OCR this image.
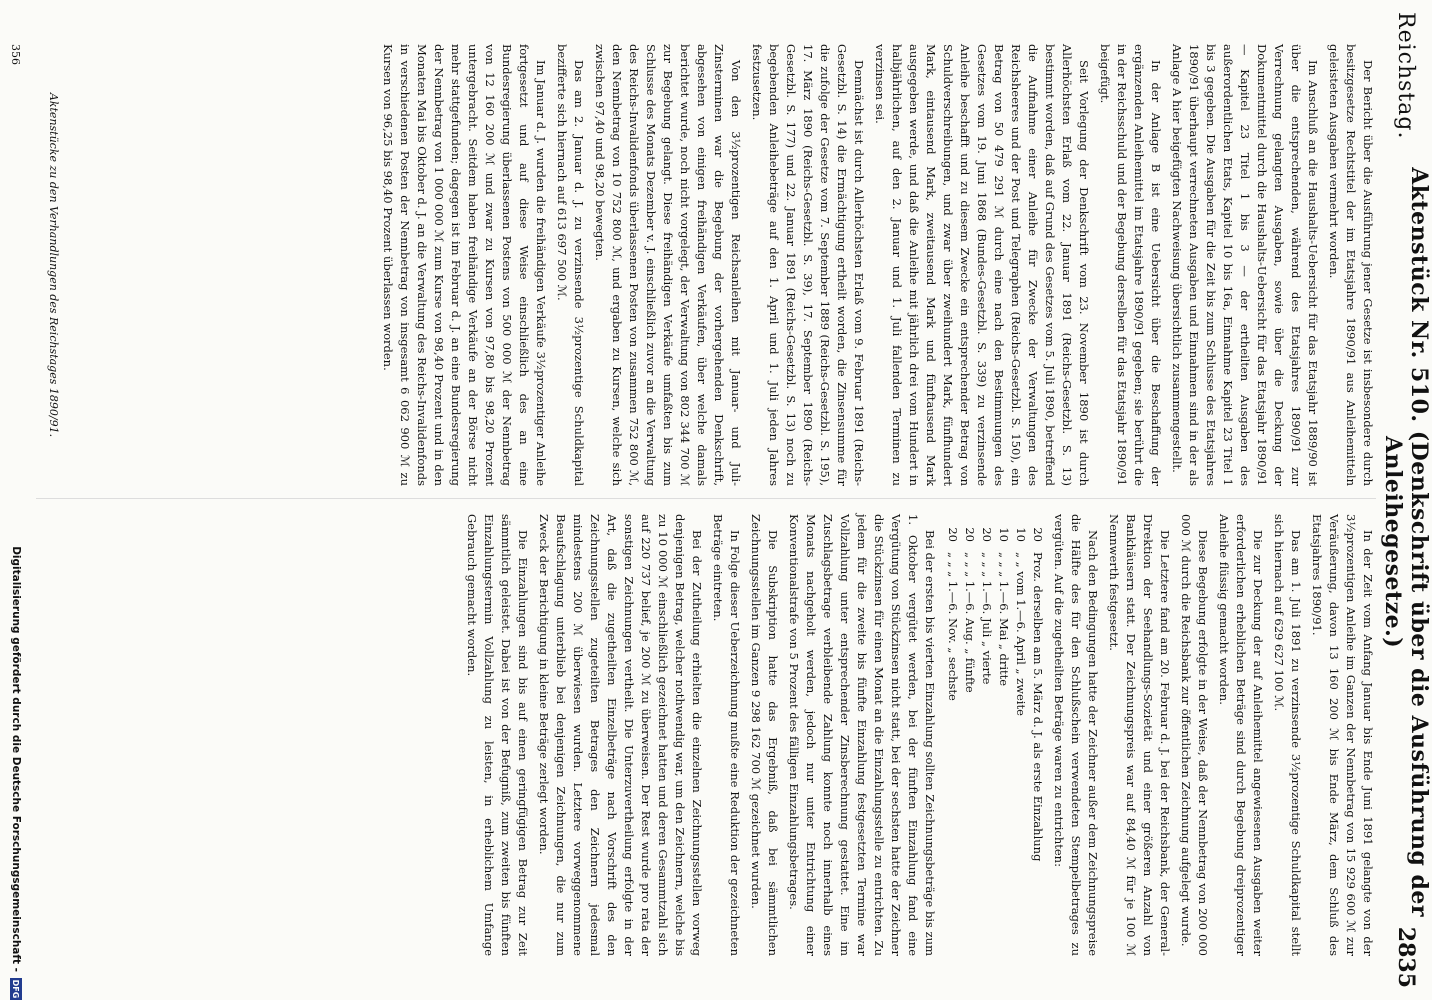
Reichstag.
Aktenstück Nr. 510. (Denkschrift über die Ausführung der Anleihegesetze.)
2835

Der Bericht über die Ausführung jener Gesetze ist insbesondere durch besitzgesetze Rechtstitel der im Etatsjahre 1890/91 aus Anleihemitteln geleisteten Ausgaben vermehrt worden.

Im Anschluß an die Haushalts-Uebersicht für das Etatsjahr 1889/90 ist über die entsprechenden, während des Etatsjahres 1890/91 zur Verrechnung gelangten Ausgaben, sowie über die Deckung der Dokumentmittel durch die Haushalts-Uebersicht für das Etatsjahr 1890/91 — Kapitel 23 Titel 1 bis 3 — der ertheilten Ausgaben des außerordentlichen Etats, Kapitel 10 bis 16a, Einnahme Kapitel 23 Titel 1 bis 3 gegeben. Die Ausgaben für die Zeit bis zum Schlusse des Etatsjahres 1890/91 überhaupt verrechneten Ausgaben und Einnahmen sind in der als Anlage A hier beigefügten Nachweisung übersichtlich zusammengestellt.

In der Anlage B ist eine Uebersicht über die Beschaffung der ergänzenden Anleihemittel im Etatsjahre 1890/91 gegeben; sie berührt die in der Reichsschuld und der Begebung derselben für das Etatsjahr 1890/91 beigefügt.

Seit Vorlegung der Denkschrift vom 23. November 1890 ist durch Allerhöchsten Erlaß vom 22. Januar 1891 (Reichs-Gesetzbl. S. 13) bestimmt worden, daß auf Grund des Gesetzes vom 5. Juli 1890, betreffend die Aufnahme einer Anleihe für Zwecke der Verwaltungen des Reichsheeres und der Post und Telegraphen (Reichs-Gesetzbl. S. 150), ein Betrag von 50 479 291 ℳ durch eine nach den Bestimmungen des Gesetzes vom 19. Juni 1868 (Bundes-Gesetzbl. S. 339) zu verzinsende Anleihe beschafft und zu diesem Zwecke ein entsprechender Betrag von Schuldverschreibungen, und zwar über zweihundert Mark, fünfhundert Mark, eintausend Mark, zweitausend Mark und fünftausend Mark ausgegeben werde, und daß die Anleihe mit jährlich drei vom Hundert in halbjährlichen, auf den 2. Januar und 1. Juli fallenden Terminen zu verzinsen sei.

Demnächst ist durch Allerhöchsten Erlaß vom 9. Februar 1891 (Reichs-Gesetzbl. S. 14) die Ermächtigung ertheilt worden, die Zinsensumme für die zufolge der Gesetze vom 7. September 1889 (Reichs-Gesetzbl. S. 195), 17. März 1890 (Reichs-Gesetzbl. S. 39), 17. September 1890 (Reichs-Gesetzbl. S. 177) und 22. Januar 1891 (Reichs-Gesetzbl. S. 13) noch zu begebenden Anleihebeträge auf den 1. April und 1. Juli jeden Jahres festzusetzen.

Von den 3½prozentigen Reichsanleihen mit Januar- und Juli-Zinsterminen war die Begebung der vorhergehenden Denkschrift, abgesehen von einigen freihändigen Verkäufen, über welche damals berichtet wurde, noch nicht vorgelegt, der Verwaltung von 802 344 700 ℳ zur Begebung gelangt. Diese freihändigen Verkäufe umfaßten bis zum Schlusse des Monats Dezember v. J. einschließlich zuvor an die Verwaltung des Reichs-Invalidenfonds überlassenen Posten von zusammen 752 800 ℳ, den Nennbetrag von 10 752 800 ℳ, und ergaben zu Kursen, welche sich zwischen 97,40 und 98,20 bewegten.

Das am 2. Januar d. J. zu verzinsende 3½prozentige Schuldkapital bezifferte sich hiernach auf 613 697 500 ℳ.

Im Januar d. J. wurden die freihändigen Verkäufe 3½prozentiger Anleihe fortgesetzt und auf diese Weise einschließlich des an eine Bundesregierung überlassenen Postens von 500 000 ℳ der Nennbetrag von 12 160 200 ℳ und zwar zu Kursen von 97,80 bis 98,20 Prozent untergebracht. Seitdem haben freihändige Verkäufe an der Börse nicht mehr stattgefunden; dagegen ist im Februar d. J. an eine Bundesregierung der Nennbetrag von 1 000 000 ℳ zum Kurse von 98,40 Prozent und in den Monaten Mai bis Oktober d. J. an die Verwaltung des Reichs-Invalidenfonds in verschiedenen Posten der Nennbetrag von insgesamt 6 062 900 ℳ zu Kursen von 96,25 bis 98,40 Prozent überlassen worden.

In der Zeit vom Anfang Januar bis Ende Juni 1891 gelangte von der 3½prozentigen Anleihe im Ganzen der Nennbetrag von 15 929 600 ℳ zur Veräußerung, davon 13 160 200 ℳ bis Ende März, dem Schluß des Etatsjahres 1890/91.

Das am 1. Juli 1891 zu verzinsende 3½prozentige Schuldkapital stellt sich hiernach auf 629 627 100 ℳ.

Die zur Deckung der auf Anleihemittel angewiesenen Ausgaben weiter erforderlichen erheblichen Beträge sind durch Begebung dreiprozentiger Anleihe flüssig gemacht worden.

Diese Begebung erfolgte in der Weise, daß der Nennbetrag von 200 000 000 ℳ durch die Reichsbank zur öffentlichen Zeichnung aufgelegt wurde.

Die Letztere fand am 20. Februar d. J. bei der Reichsbank, der General-Direktion der Seehandlungs-Sozietät und einer größeren Anzahl von Bankhäusern statt. Der Zeichnungspreis war auf 84,40 ℳ für je 100 ℳ Nennwerth festgesetzt.

Nach den Bedingungen hatte der Zeichner außer dem Zeichnungspreise die Hälfte des für den Schlußschein verwendeten Stempelbetrages zu vergüten. Auf die zugetheilten Beträge waren zu entrichten:

20
Proz. derselben am 5. März d. J. als erste Einzahlung
10
„ „ vom 1.—6. April „ zweite
10
„ „ „ 1.—6. Mai „ dritte
20
„ „ „ 1.—6. Juli „ vierte
20
„ „ „ 1.—6. Aug. „ fünfte
20
„ „ „ 1.—6. Nov. „ sechste

Bei der ersten bis vierten Einzahlung sollten Zeichnungsbeträge bis zum 1. Oktober vergütet werden, bei der fünften Einzahlung fand eine Vergütung von Stückzinsen nicht statt, bei der sechsten hatte der Zeichner die Stückzinsen für einen Monat an die Einzahlungsstelle zu entrichten. Zu jedem für die zweite bis fünfte Einzahlung festgesetzten Termine war Vollzahlung unter entsprechender Zinsberechnung gestattet. Eine im Zuschlagsbetrage verbleibende Zahlung konnte noch innerhalb eines Monats nachgeholt werden, jedoch nur unter Entrichtung einer Konventionalstrafe von 5 Prozent des fälligen Einzahlungsbetrages.

Die Subskription hatte das Ergebniß, daß bei sämmtlichen Zeichnungsstellen im Ganzen 9 298 162 700 ℳ gezeichnet wurden.

In Folge dieser Ueberzeichnung mußte eine Reduktion der gezeichneten Beträge eintreten.

Bei der Zutheilung erhielten die einzelnen Zeichnungsstellen vorweg denjenigen Betrag, welcher nothwendig war, um den Zeichnern, welche bis zu 10 000 ℳ einschließlich gezeichnet hatten und deren Gesammtzahl sich auf 220 737 belief, je 200 ℳ zu überweisen. Der Rest wurde pro rata der sonstigen Zeichnungen vertheilt. Die Unterzuvertheilung erfolgte in der Art, daß die zugetheilten Einzelbeträge nach Vorschrift des den Zeichnungsstellen zugeteilten Betrages den Zeichnern jedesmal mindestens 200 ℳ überwiesen wurden. Letztere vorweggenommene Beaufschlagung unterblieb bei denjenigen Zeichnungen, die nur zum Zweck der Berichtigung in kleine Beträge zerlegt worden.

Die Einzahlungen sind bis auf einen geringfügigen Betrag zur Zeit sämmtlich geleistet. Dabei ist von der Befugniß, zum zweiten bis fünften Einzahlungstermin Vollzahlung zu leisten, in erheblichem Umfange Gebrauch gemacht worden.

Aktenstücke zu den Verhandlungen des Reichstages 1890/91.
356
Digitalisierung gefördert durch die Deutsche Forschungsgemeinschaft -
DFG
